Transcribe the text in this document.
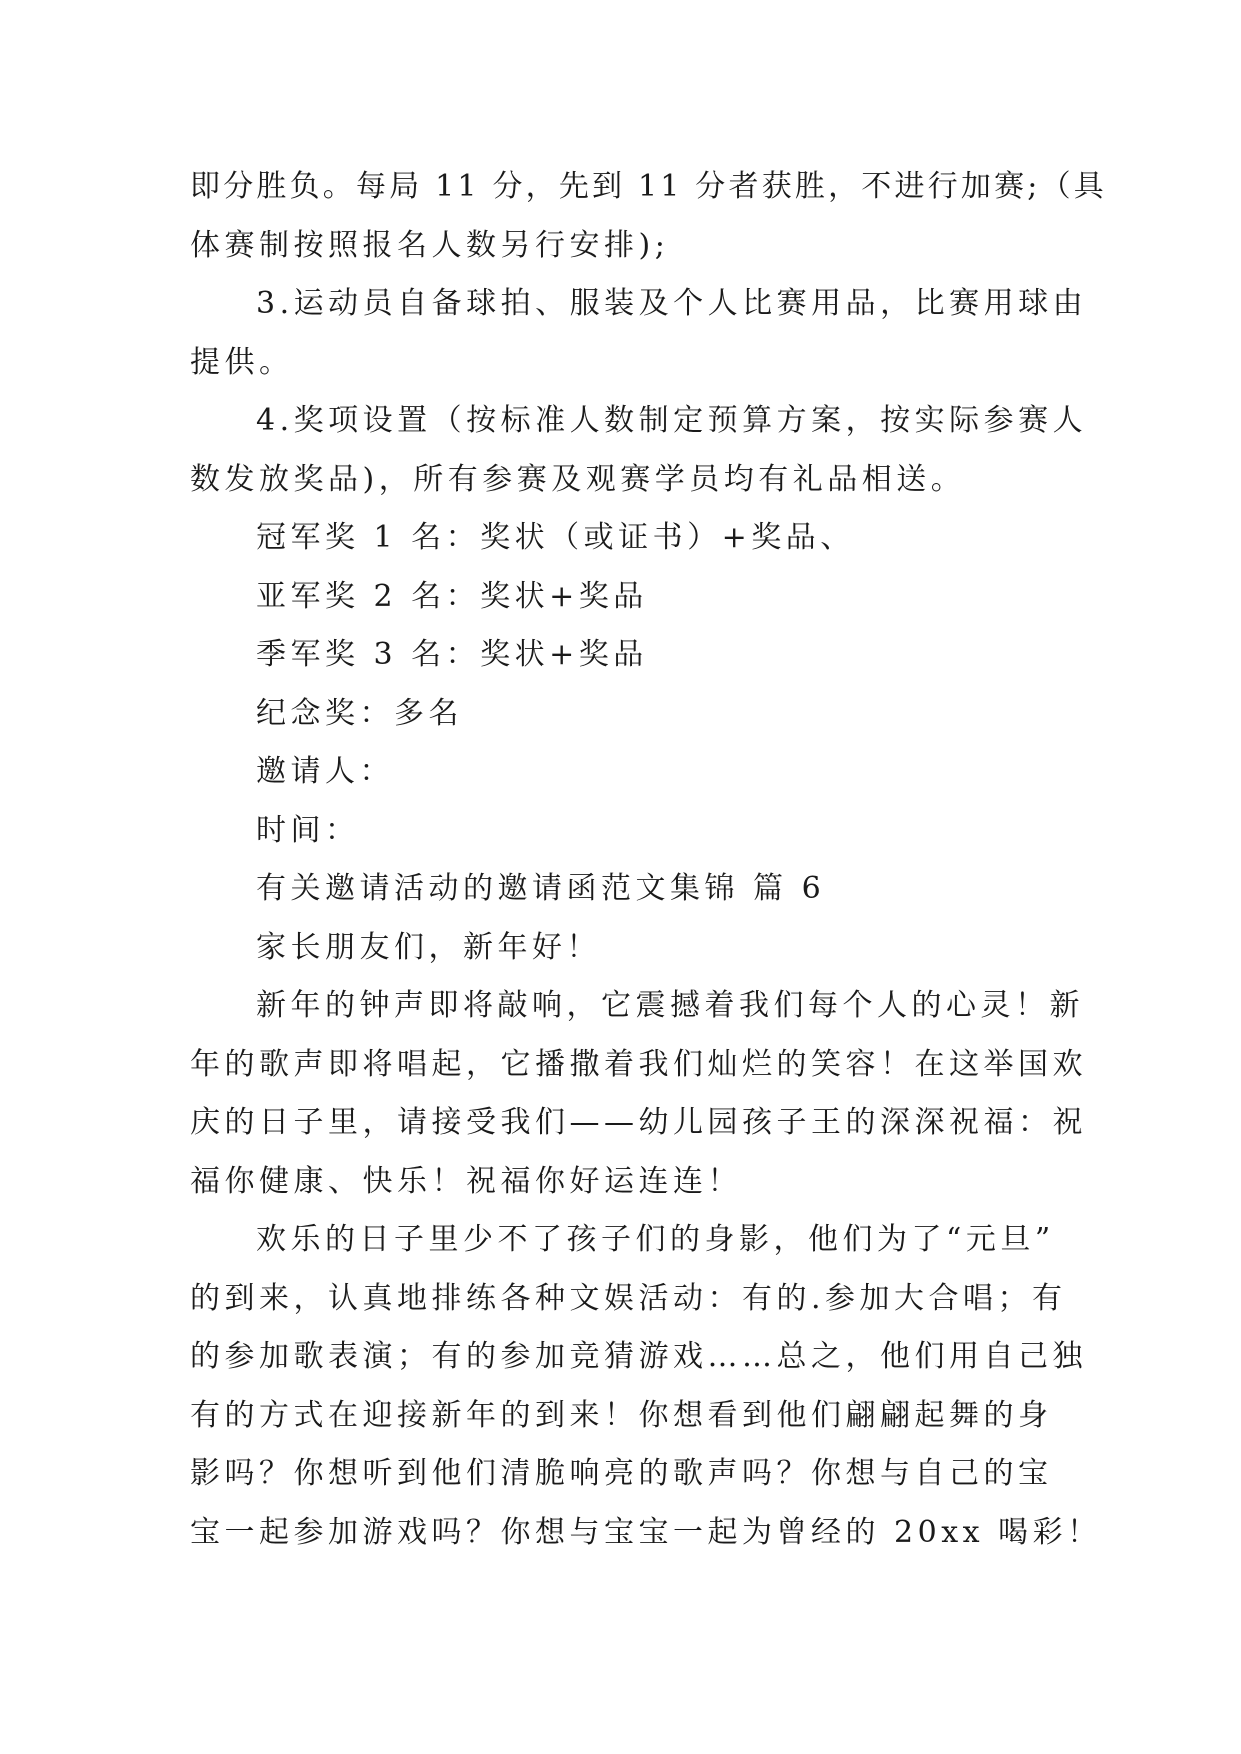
即分胜负。每局 11 分，先到 11 分者获胜，不进行加赛;（具
体赛制按照报名人数另行安排);
3.运动员自备球拍、服装及个人比赛用品，比赛用球由
提供。
4.奖项设置（按标准人数制定预算方案，按实际参赛人
数发放奖品)，所有参赛及观赛学员均有礼品相送。
冠军奖 1 名：奖状（或证书）+奖品、
亚军奖 2 名：奖状+奖品
季军奖 3 名：奖状+奖品
纪念奖：多名
邀请人：
时间：
有关邀请活动的邀请函范文集锦 篇 6
家长朋友们，新年好！
新年的钟声即将敲响，它震撼着我们每个人的心灵！新
年的歌声即将唱起，它播撒着我们灿烂的笑容！在这举国欢
庆的日子里，请接受我们——幼儿园孩子王的深深祝福：祝
福你健康、快乐！祝福你好运连连！
欢乐的日子里少不了孩子们的身影，他们为了“元旦”
的到来，认真地排练各种文娱活动：有的.参加大合唱；有
的参加歌表演；有的参加竞猜游戏……总之，他们用自己独
有的方式在迎接新年的到来！你想看到他们翩翩起舞的身
影吗？你想听到他们清脆响亮的歌声吗？你想与自己的宝
宝一起参加游戏吗？你想与宝宝一起为曾经的 20xx 喝彩！
